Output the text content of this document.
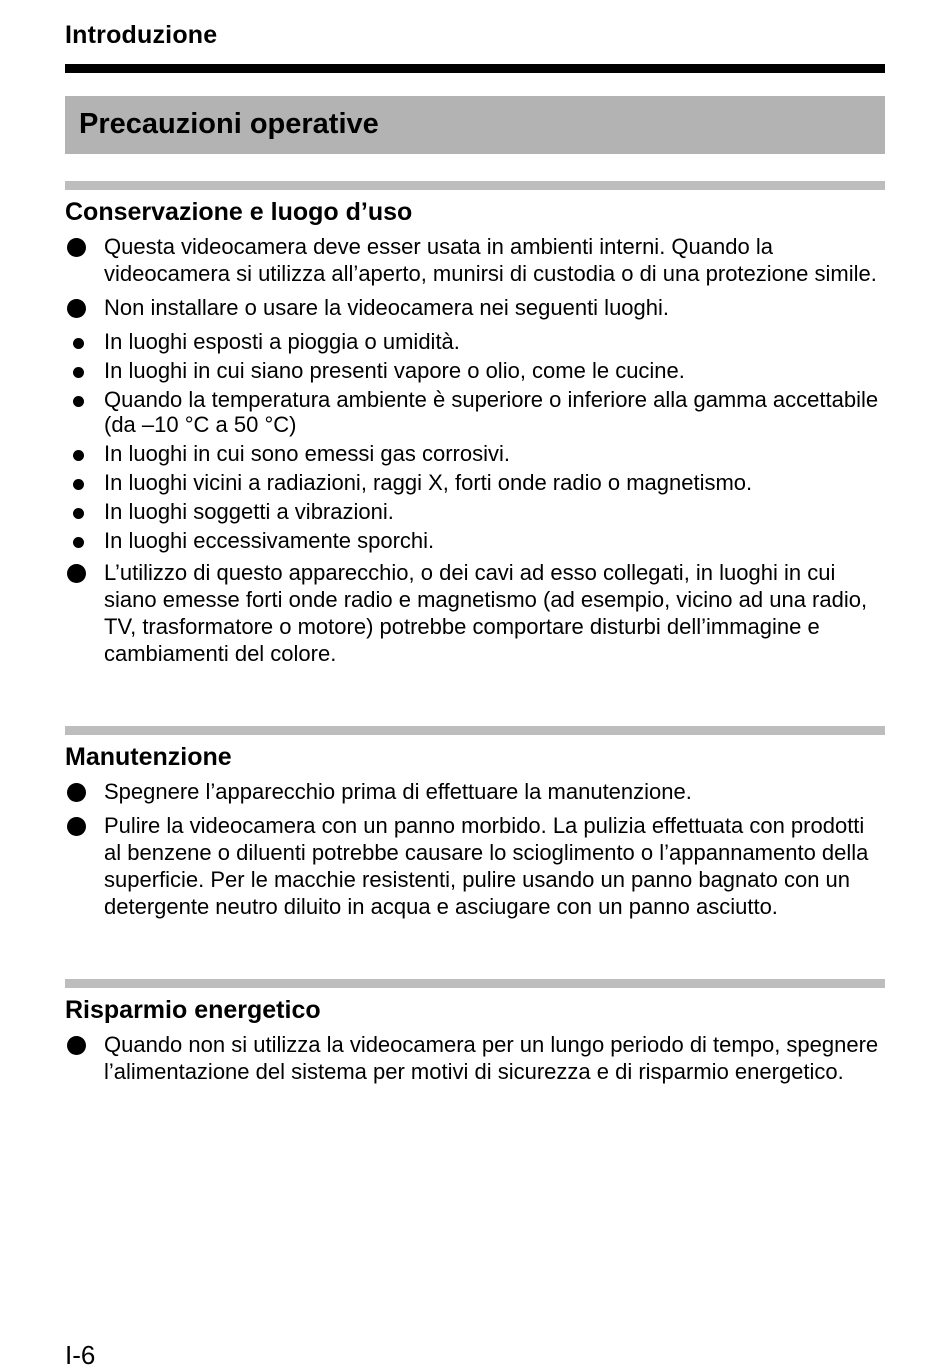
Introduzione
Precauzioni operative
Conservazione e luogo d’uso
Questa videocamera deve esser usata in ambienti interni. Quando la videocamera si utilizza all’aperto, munirsi di custodia o di una protezione simile.
Non installare o usare la videocamera nei seguenti luoghi.
In luoghi esposti a pioggia o umidità.
In luoghi in cui siano presenti vapore o olio, come le cucine.
Quando la temperatura ambiente è superiore o inferiore alla gamma accettabile (da –10 °C a 50 °C)
In luoghi in cui sono emessi gas corrosivi.
In luoghi vicini a radiazioni, raggi X, forti onde radio o magnetismo.
In luoghi soggetti a vibrazioni.
In luoghi eccessivamente sporchi.
L’utilizzo di questo apparecchio, o dei cavi ad esso collegati, in luoghi in cui siano emesse forti onde radio e magnetismo (ad esempio, vicino ad una radio, TV, trasformatore o motore) potrebbe comportare disturbi dell’immagine e cambiamenti del colore.
Manutenzione
Spegnere l’apparecchio prima di effettuare la manutenzione.
Pulire la videocamera con un panno morbido. La pulizia effettuata con prodotti al benzene o diluenti potrebbe causare lo scioglimento o l’appannamento della superficie. Per le macchie resistenti, pulire usando un panno bagnato con un detergente neutro diluito in acqua e asciugare con un panno asciutto.
Risparmio energetico
Quando non si utilizza la videocamera per un lungo periodo di tempo, spegnere l’alimentazione del sistema per motivi di sicurezza e di risparmio energetico.
I-6
